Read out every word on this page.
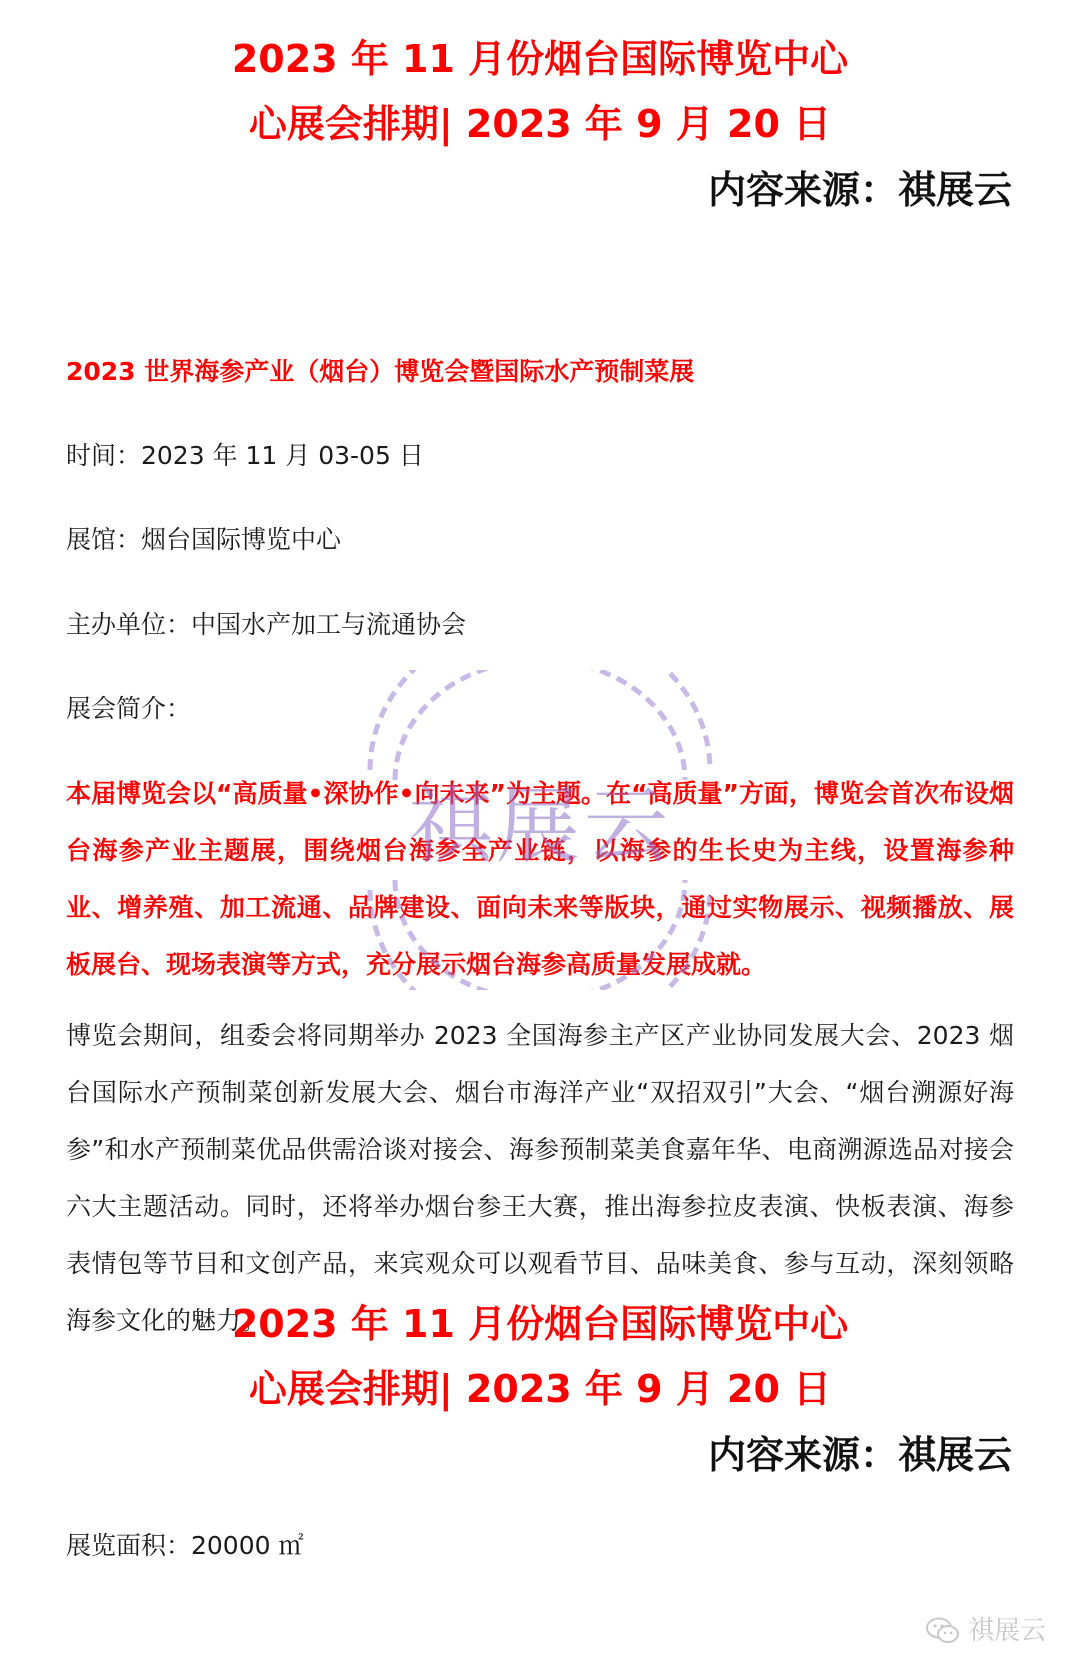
2023 年 11 月份烟台国际博览中心
心展会排期| 2023 年 9 月 20 日
内容来源：祺展云
2023 世界海参产业（烟台）博览会暨国际水产预制菜展
时间：2023 年 11 月 03-05 日
展馆：烟台国际博览中心
主办单位：中国水产加工与流通协会
展会简介：
本届博览会以“高质量•深协作•向未来”为主题。在“高质量”方面，博览会首次布设烟台海参产业主题展，围绕烟台海参全产业链，以海参的生长史为主线，设置海参种业、增养殖、加工流通、品牌建设、面向未来等版块，通过实物展示、视频播放、展板展台、现场表演等方式，充分展示烟台海参高质量发展成就。
博览会期间，组委会将同期举办 2023 全国海参主产区产业协同发展大会、2023 烟台国际水产预制菜创新发展大会、烟台市海洋产业“双招双引”大会、“烟台溯源好海参”和水产预制菜优品供需洽谈对接会、海参预制菜美食嘉年华、电商溯源选品对接会六大主题活动。同时，还将举办烟台参王大赛，推出海参拉皮表演、快板表演、海参表情包等节目和文创产品，来宾观众可以观看节目、品味美食、参与互动，深刻领略海参文化的魅力。
2023 年 11 月份烟台国际博览中心
心展会排期| 2023 年 9 月 20 日
内容来源：祺展云
展览面积：20000 ㎡
祺展云
祺展云
